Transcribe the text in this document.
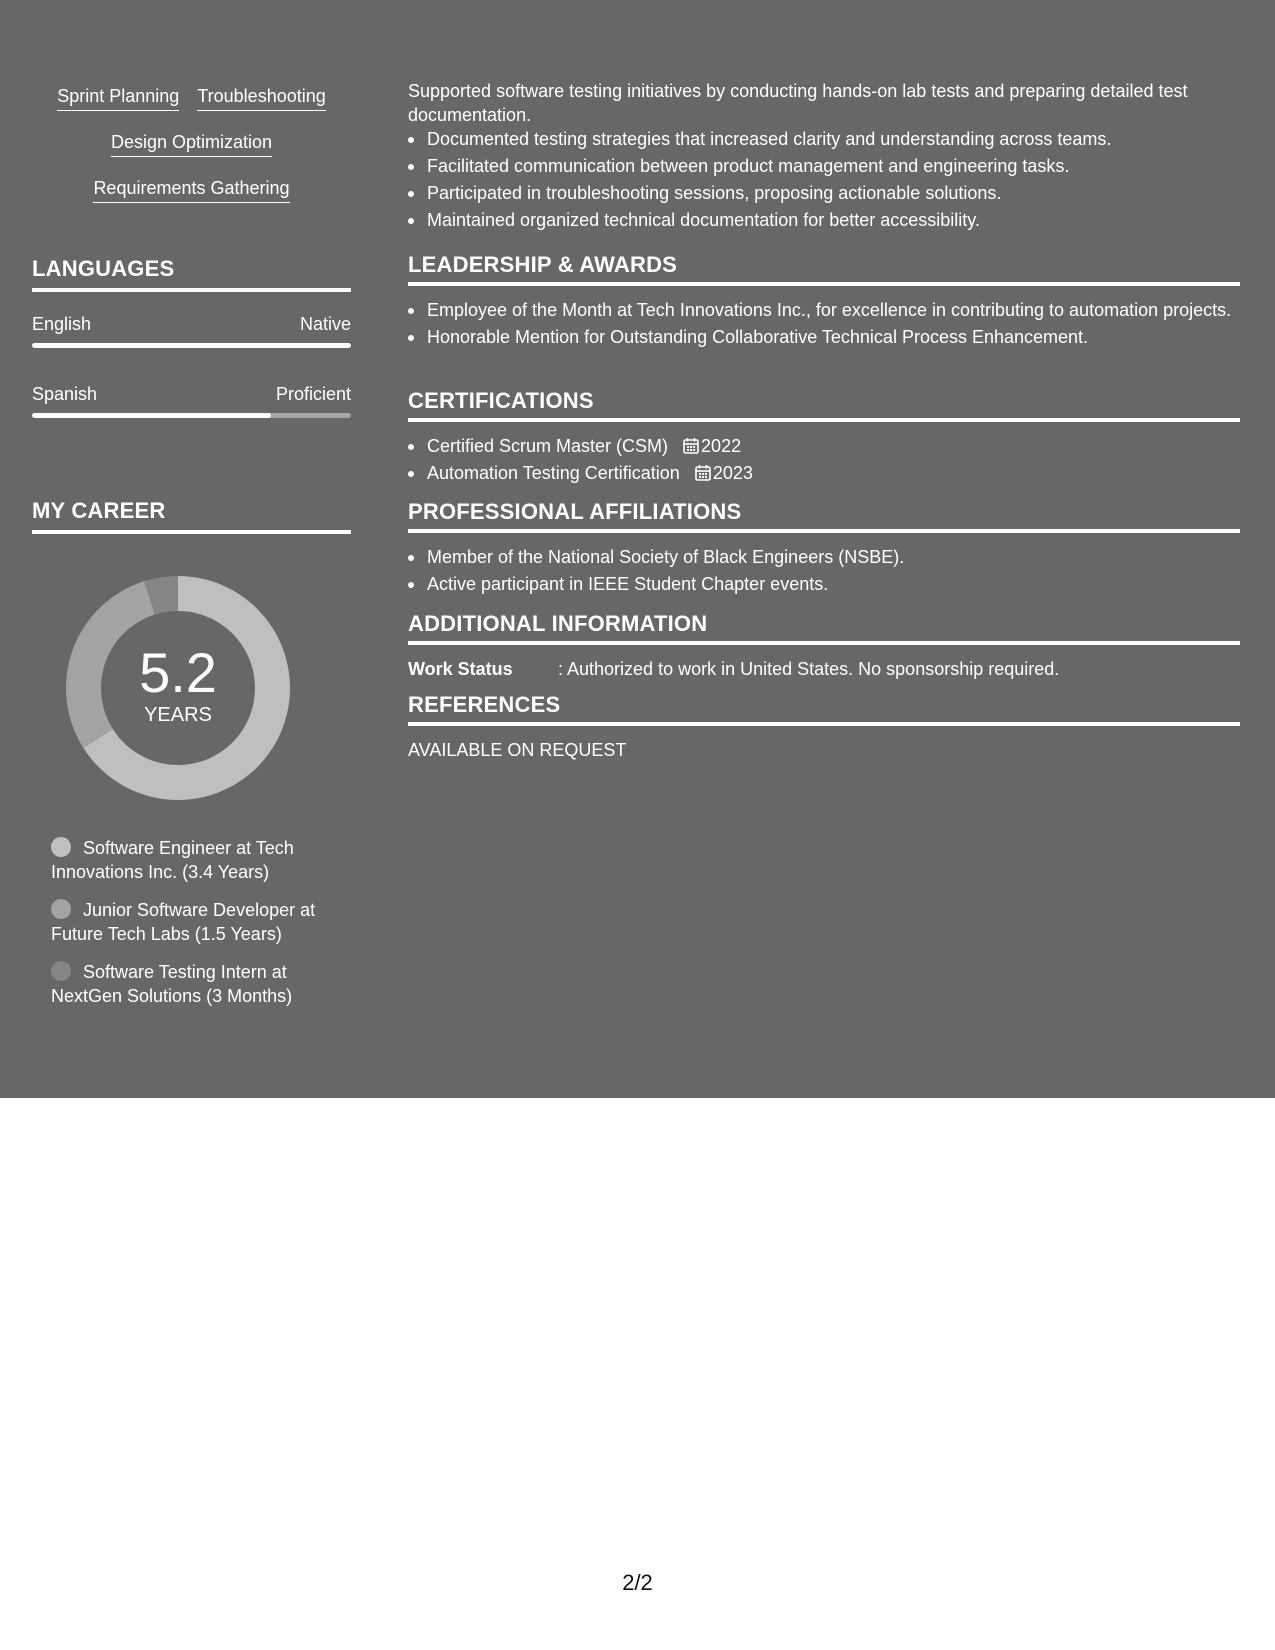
Sprint Planning Troubleshooting
Design Optimization
Requirements Gathering
LANGUAGES
English	Native
Spanish	Proficient
MY CAREER
5.2
YEARS
Software Engineer at Tech Innovations Inc. (3.4 Years)
Junior Software Developer at Future Tech Labs (1.5 Years)
Software Testing Intern at NextGen Solutions (3 Months)

Supported software testing initiatives by conducting hands-on lab tests and preparing detailed test documentation.

Documented testing strategies that increased clarity and understanding across teams.
Facilitated communication between product management and engineering tasks.
Participated in troubleshooting sessions, proposing actionable solutions.
Maintained organized technical documentation for better accessibility.
LEADERSHIP & AWARDS
Employee of the Month at Tech Innovations Inc., for excellence in contributing to automation projects.
Honorable Mention for Outstanding Collaborative Technical Process Enhancement.
CERTIFICATIONS
Certified Scrum Master (CSM) 2022
Automation Testing Certification 2023
PROFESSIONAL AFFILIATIONS
Member of the National Society of Black Engineers (NSBE).
Active participant in IEEE Student Chapter events.
ADDITIONAL INFORMATION
Work Status	: Authorized to work in United States. No sponsorship required.
REFERENCES
AVAILABLE ON REQUEST
2/2
